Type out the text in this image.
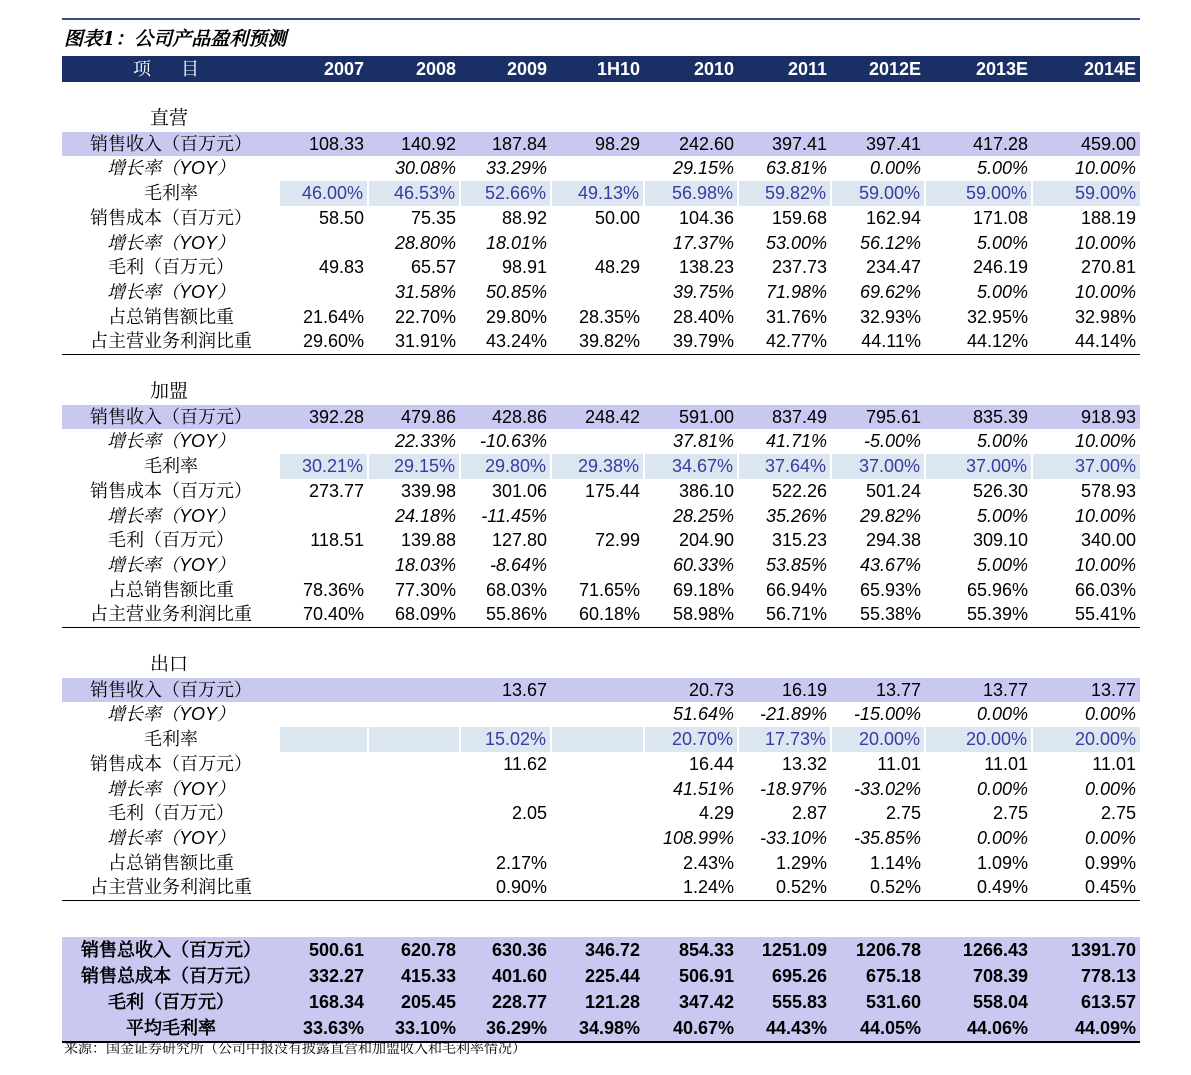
图表1：公司产品盈利预测
项目	2007	2008	2009	1H10	2010	2011	2012E	2013E	2014E

直营									
销售收入（百万元）	108.33	140.92	187.84	98.29	242.60	397.41	397.41	417.28	459.00
增长率（YOY）		30.08%	33.29%		29.15%	63.81%	0.00%	5.00%	10.00%
毛利率	46.00%	46.53%	52.66%	49.13%	56.98%	59.82%	59.00%	59.00%	59.00%
销售成本（百万元）	58.50	75.35	88.92	50.00	104.36	159.68	162.94	171.08	188.19
增长率（YOY）		28.80%	18.01%		17.37%	53.00%	56.12%	5.00%	10.00%
毛利（百万元）	49.83	65.57	98.91	48.29	138.23	237.73	234.47	246.19	270.81
增长率（YOY）		31.58%	50.85%		39.75%	71.98%	69.62%	5.00%	10.00%
占总销售额比重	21.64%	22.70%	29.80%	28.35%	28.40%	31.76%	32.93%	32.95%	32.98%
占主营业务利润比重	29.60%	31.91%	43.24%	39.82%	39.79%	42.77%	44.11%	44.12%	44.14%

加盟									
销售收入（百万元）	392.28	479.86	428.86	248.42	591.00	837.49	795.61	835.39	918.93
增长率（YOY）		22.33%	-10.63%		37.81%	41.71%	-5.00%	5.00%	10.00%
毛利率	30.21%	29.15%	29.80%	29.38%	34.67%	37.64%	37.00%	37.00%	37.00%
销售成本（百万元）	273.77	339.98	301.06	175.44	386.10	522.26	501.24	526.30	578.93
增长率（YOY）		24.18%	-11.45%		28.25%	35.26%	29.82%	5.00%	10.00%
毛利（百万元）	118.51	139.88	127.80	72.99	204.90	315.23	294.38	309.10	340.00
增长率（YOY）		18.03%	-8.64%		60.33%	53.85%	43.67%	5.00%	10.00%
占总销售额比重	78.36%	77.30%	68.03%	71.65%	69.18%	66.94%	65.93%	65.96%	66.03%
占主营业务利润比重	70.40%	68.09%	55.86%	60.18%	58.98%	56.71%	55.38%	55.39%	55.41%

出口									
销售收入（百万元）			13.67		20.73	16.19	13.77	13.77	13.77
增长率（YOY）					51.64%	-21.89%	-15.00%	0.00%	0.00%
毛利率			15.02%		20.70%	17.73%	20.00%	20.00%	20.00%
销售成本（百万元）			11.62		16.44	13.32	11.01	11.01	11.01
增长率（YOY）					41.51%	-18.97%	-33.02%	0.00%	0.00%
毛利（百万元）			2.05		4.29	2.87	2.75	2.75	2.75
增长率（YOY）					108.99%	-33.10%	-35.85%	0.00%	0.00%
占总销售额比重			2.17%		2.43%	1.29%	1.14%	1.09%	0.99%
占主营业务利润比重			0.90%		1.24%	0.52%	0.52%	0.49%	0.45%

销售总收入（百万元）	500.61	620.78	630.36	346.72	854.33	1251.09	1206.78	1266.43	1391.70
销售总成本（百万元）	332.27	415.33	401.60	225.44	506.91	695.26	675.18	708.39	778.13
毛利（百万元）	168.34	205.45	228.77	121.28	347.42	555.83	531.60	558.04	613.57
平均毛利率	33.63%	33.10%	36.29%	34.98%	40.67%	44.43%	44.05%	44.06%	44.09%
来源：国金证券研究所（公司中报没有披露直营和加盟收入和毛利率情况）
